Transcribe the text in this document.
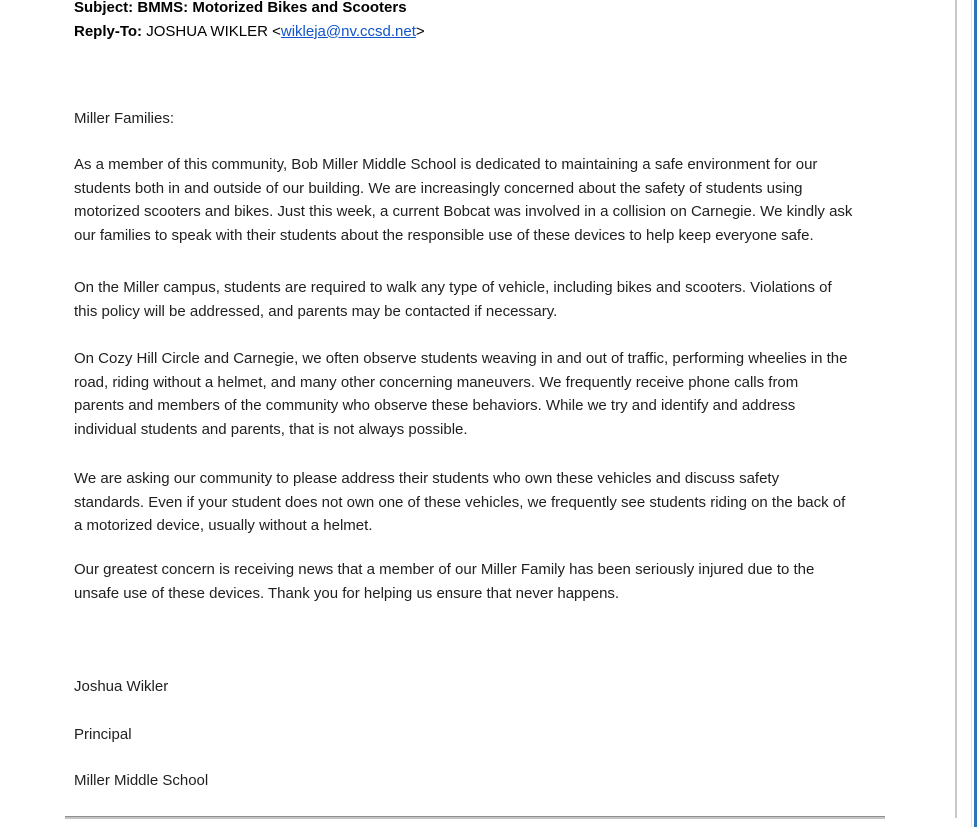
Subject: BMMS: Motorized Bikes and Scooters
Reply-To: JOSHUA WIKLER <wikleja@nv.ccsd.net>
Miller Families:
As a member of this community, Bob Miller Middle School is dedicated to maintaining a safe environment for our
students both in and outside of our building. We are increasingly concerned about the safety of students using
motorized scooters and bikes. Just this week, a current Bobcat was involved in a collision on Carnegie. We kindly ask
our families to speak with their students about the responsible use of these devices to help keep everyone safe.
On the Miller campus, students are required to walk any type of vehicle, including bikes and scooters. Violations of
this policy will be addressed, and parents may be contacted if necessary.
On Cozy Hill Circle and Carnegie, we often observe students weaving in and out of traffic, performing wheelies in the
road, riding without a helmet, and many other concerning maneuvers. We frequently receive phone calls from
parents and members of the community who observe these behaviors. While we try and identify and address
individual students and parents, that is not always possible.
We are asking our community to please address their students who own these vehicles and discuss safety
standards. Even if your student does not own one of these vehicles, we frequently see students riding on the back of
a motorized device, usually without a helmet.
Our greatest concern is receiving news that a member of our Miller Family has been seriously injured due to the
unsafe use of these devices. Thank you for helping us ensure that never happens.
Joshua Wikler
Principal
Miller Middle School
